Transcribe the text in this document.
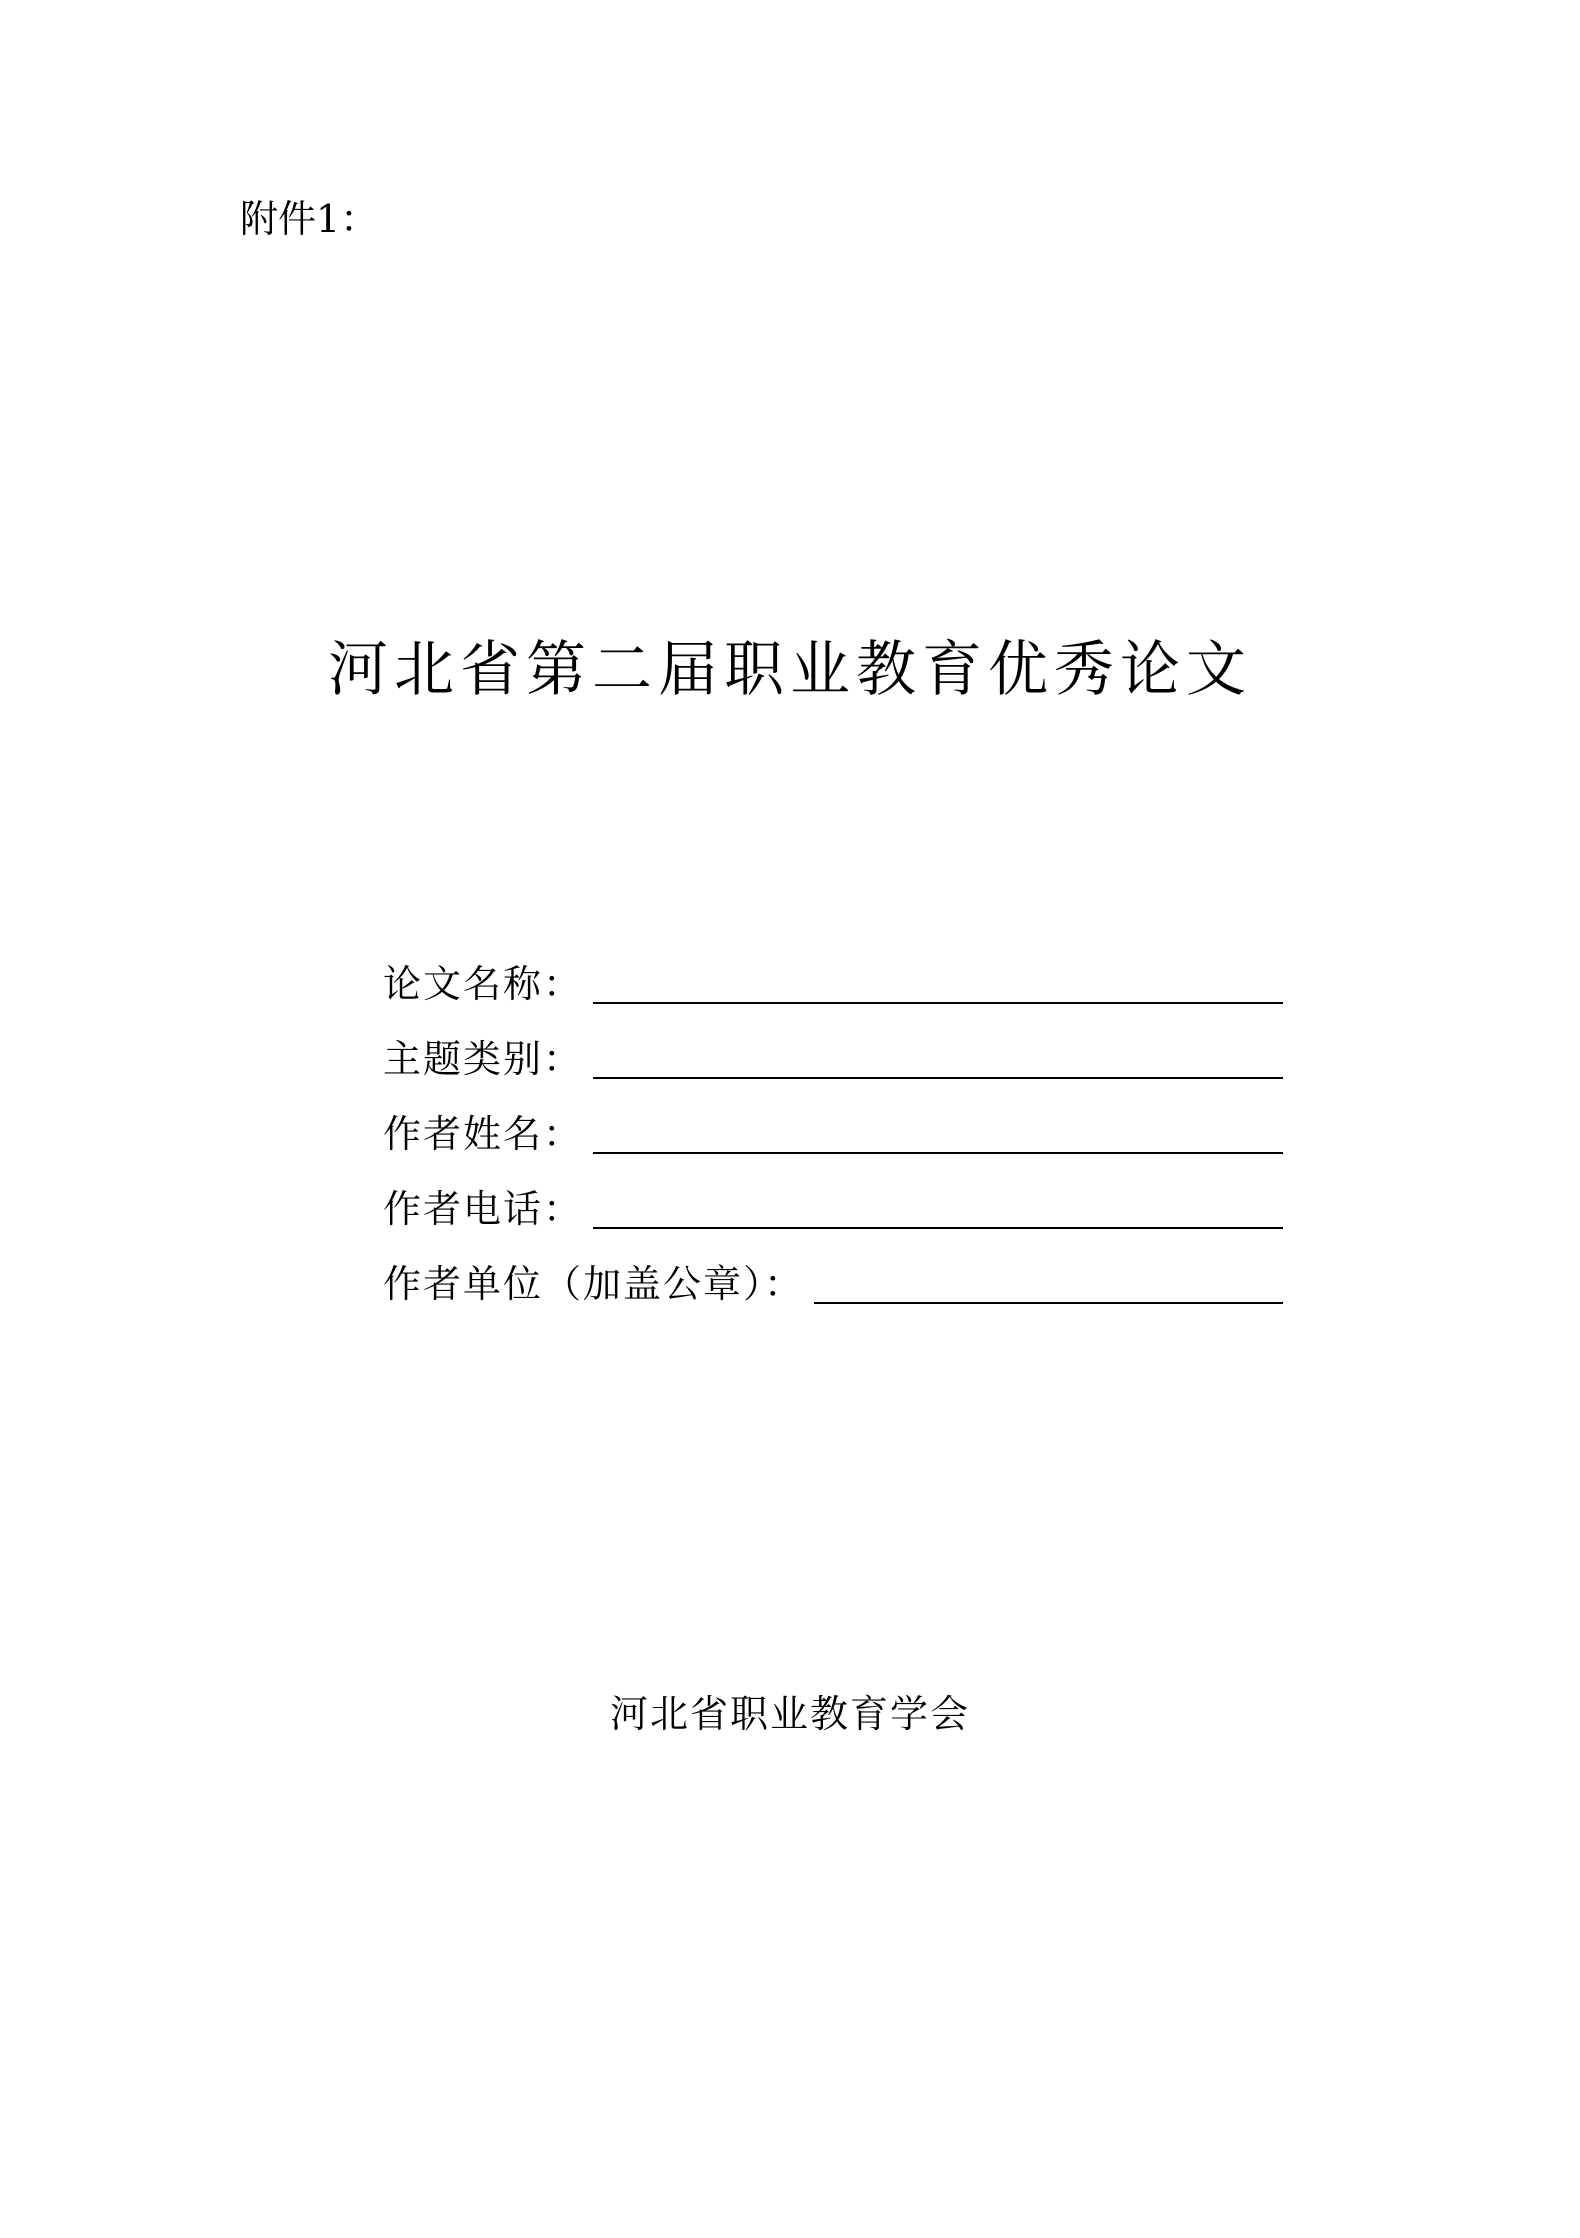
附件1：
河北省第二届职业教育优秀论文
论文名称：
主题类别：
作者姓名：
作者电话：
作者单位（加盖公章）：
河北省职业教育学会
